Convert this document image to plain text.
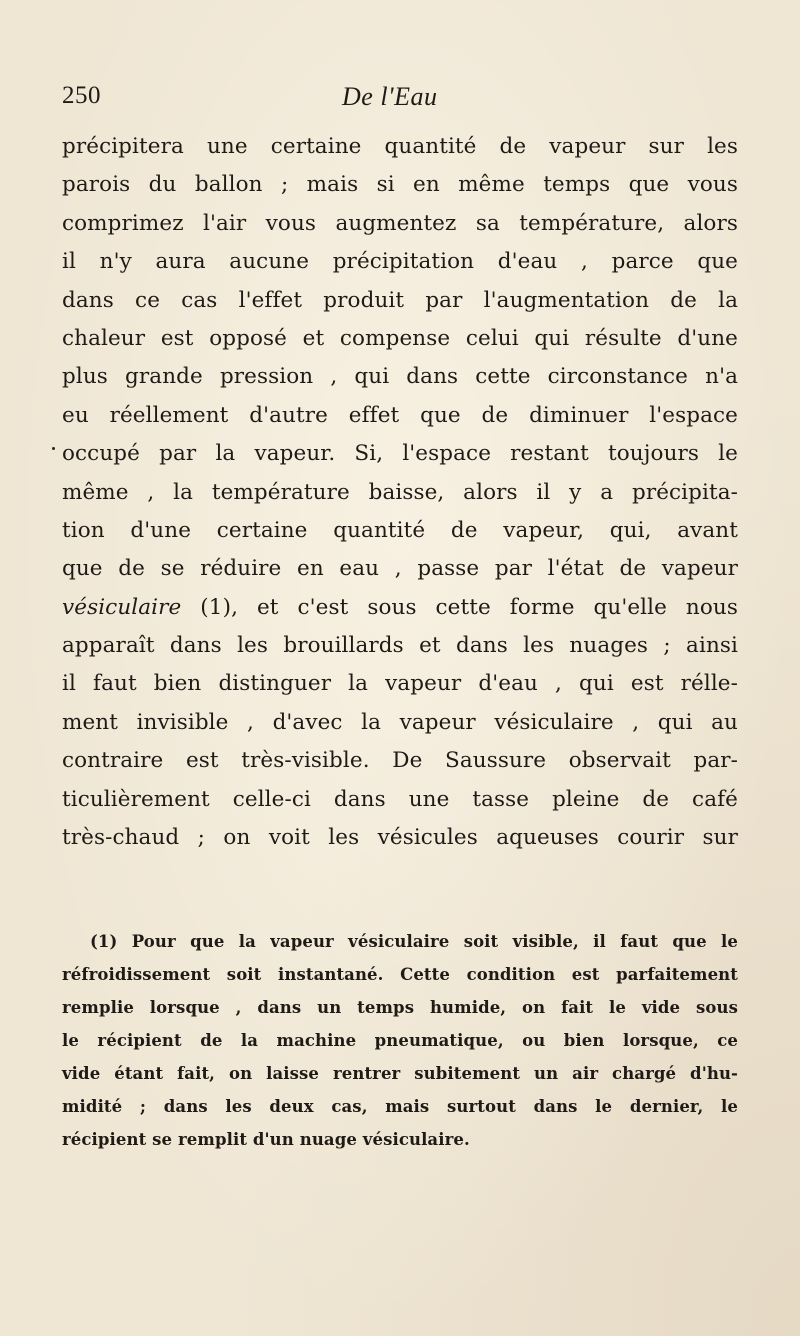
250	De l'Eau
précipitera une certaine quantité de vapeur sur les
parois du ballon ; mais si en même temps que vous
comprimez l'air vous augmentez sa température, alors
il n'y aura aucune précipitation d'eau , parce que
dans ce cas l'effet produit par l'augmentation de la
chaleur est opposé et compense celui qui résulte d'une
plus grande pression , qui dans cette circonstance n'a
eu réellement d'autre effet que de diminuer l'espace
occupé par la vapeur. Si, l'espace restant toujours le
même , la température baisse, alors il y a précipita-
tion d'une certaine quantité de vapeur, qui, avant
que de se réduire en eau , passe par l'état de vapeur
vésiculaire (1), et c'est sous cette forme qu'elle nous
apparaît dans les brouillards et dans les nuages ; ainsi
il faut bien distinguer la vapeur d'eau , qui est rélle-
ment invisible , d'avec la vapeur vésiculaire , qui au
contraire est très-visible. De Saussure observait par-
ticulièrement celle-ci dans une tasse pleine de café
très-chaud ; on voit les vésicules aqueuses courir sur
(1) Pour que la vapeur vésiculaire soit visible, il faut que le
réfroidissement soit instantané. Cette condition est parfaitement
remplie lorsque , dans un temps humide, on fait le vide sous
le récipient de la machine pneumatique, ou bien lorsque, ce
vide étant fait, on laisse rentrer subitement un air chargé d'hu-
midité ; dans les deux cas, mais surtout dans le dernier, le
récipient se remplit d'un nuage vésiculaire.
